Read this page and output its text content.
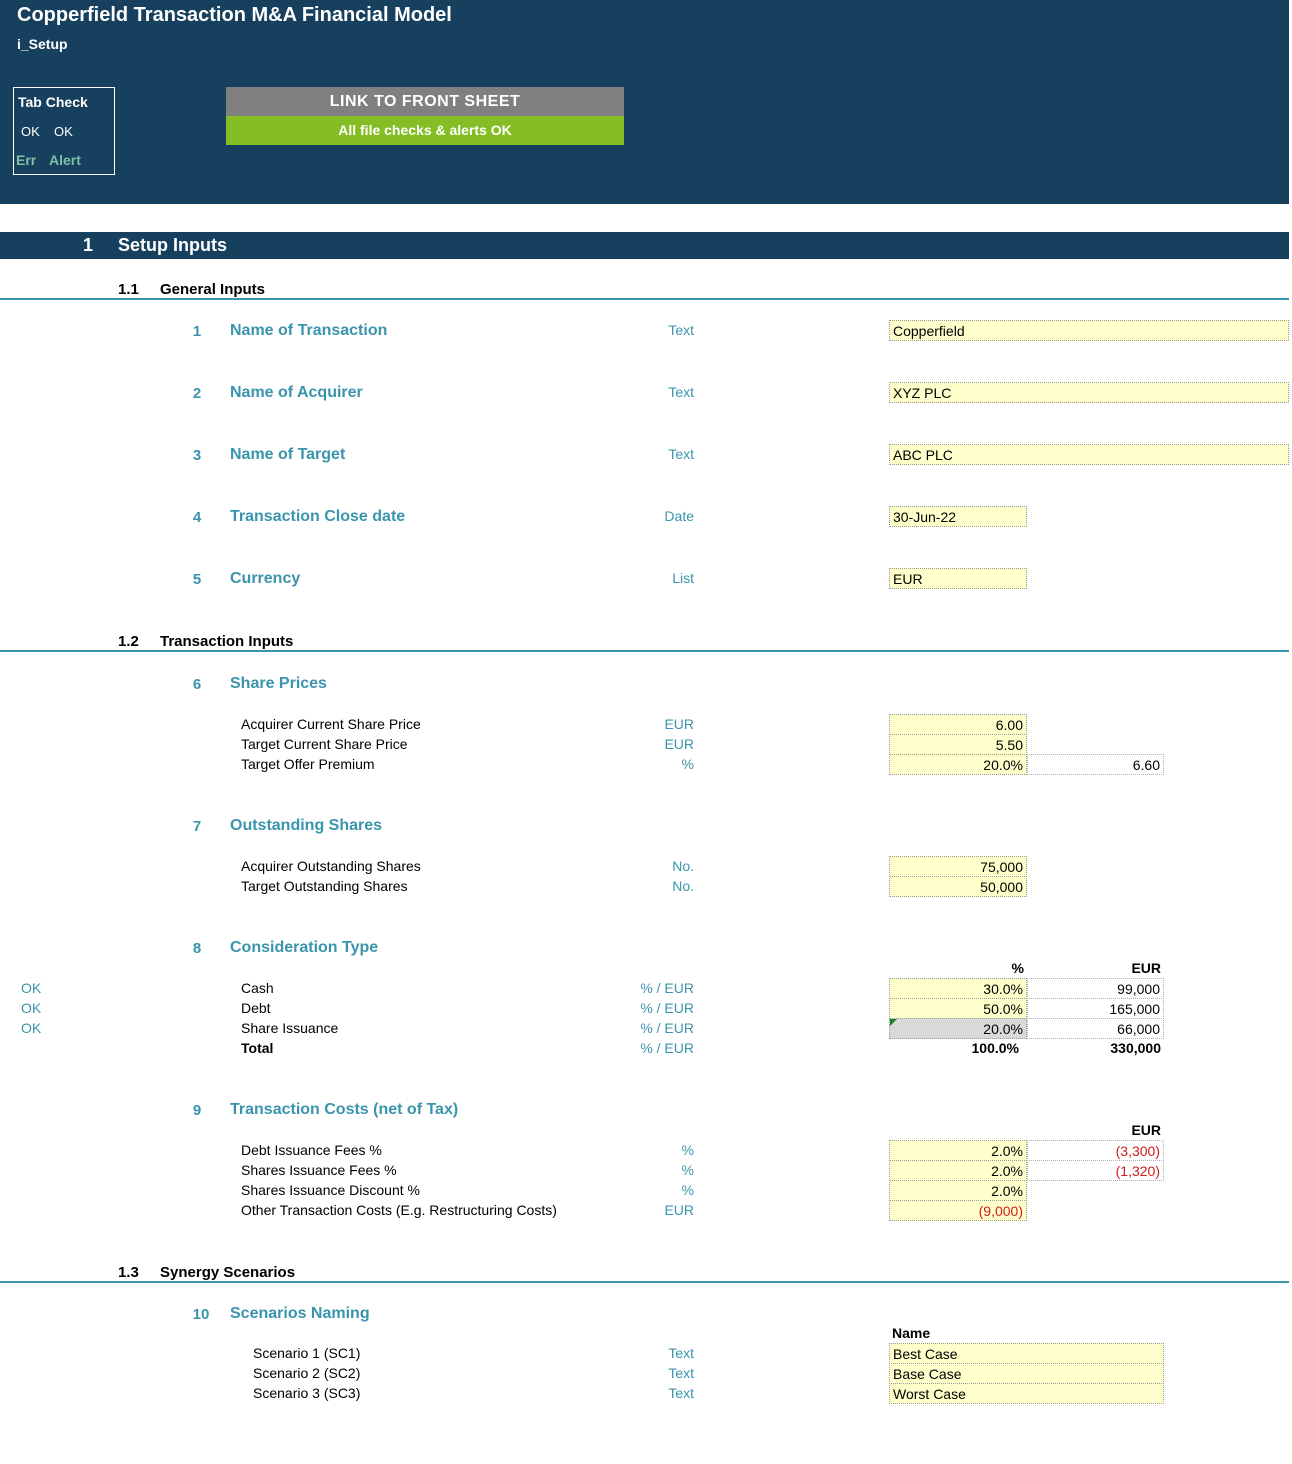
Copperfield Transaction M&A Financial Model
i_Setup
Tab Check
OK OK
Err Alert
LINK TO FRONT SHEET
All file checks & alerts OK
1 Setup Inputs
1.1 General Inputs
1	Name of Transaction	Text	Copperfield
2	Name of Acquirer	Text	XYZ PLC
3	Name of Target	Text	ABC PLC
4	Transaction Close date	Date	30-Jun-22
5	Currency	List	EUR
1.2 Transaction Inputs
6	Share Prices
Acquirer Current Share Price	EUR	6.00
Target Current Share Price	EUR	5.50
Target Offer Premium	%	20.0%	6.60
7	Outstanding Shares
Acquirer Outstanding Shares	No.	75,000
Target Outstanding Shares	No.	50,000
8	Consideration Type
%	EUR
OK	Cash	% / EUR	30.0%	99,000
OK	Debt	% / EUR	50.0%	165,000
OK	Share Issuance	% / EUR	20.0%	66,000
Total	% / EUR	100.0%	330,000
9	Transaction Costs (net of Tax)
EUR
Debt Issuance Fees %	%	2.0%	(3,300)
Shares Issuance Fees %	%	2.0%	(1,320)
Shares Issuance Discount %	%	2.0%
Other Transaction Costs (E.g. Restructuring Costs)	EUR	(9,000)
1.3 Synergy Scenarios
10	Scenarios Naming
Name
Scenario 1 (SC1)	Text	Best Case
Scenario 2 (SC2)	Text	Base Case
Scenario 3 (SC3)	Text	Worst Case
